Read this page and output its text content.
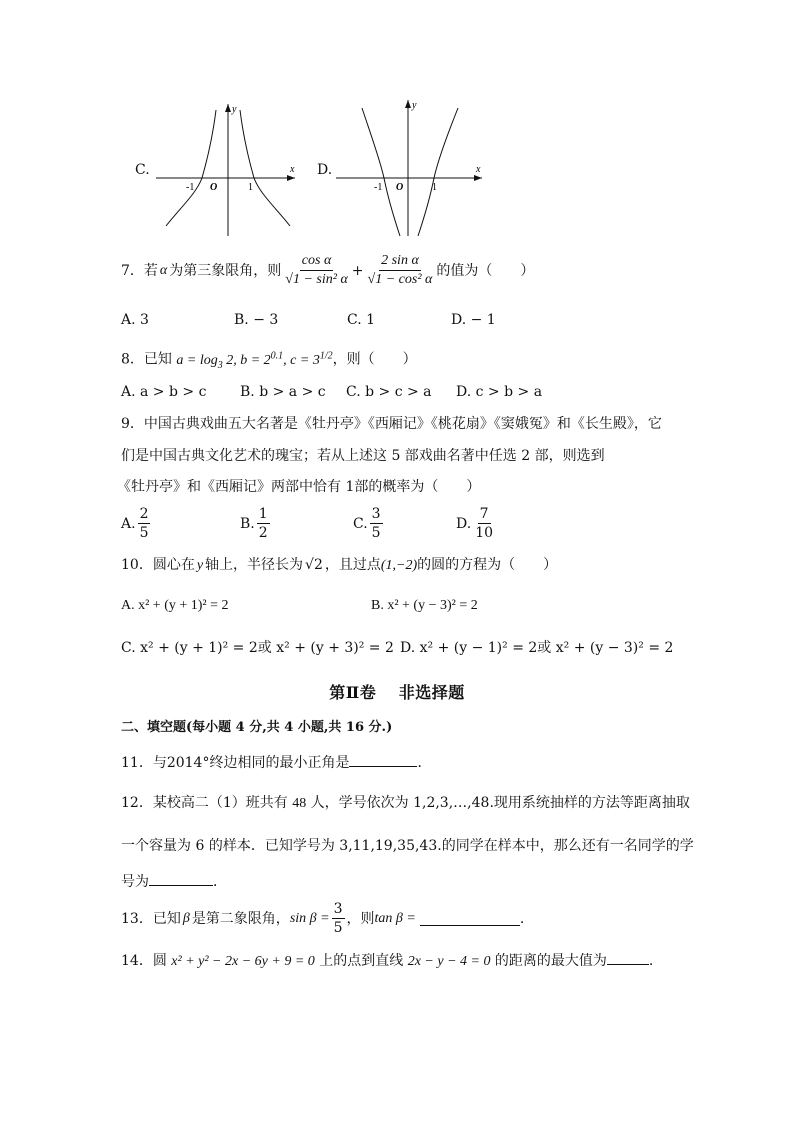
C.	x
y
O
-1	1
D.	x
y
O
-1	1
7． 若 α 为第三象限角，则 $\frac{\text{cos α}}{\text{√1 − sin² α}} + \frac{\text{2 sin α}}{\text{√1 − cos² α}}$ 的值为（　　）
A. 3	B. − 3	C. 1	D. − 1
8．已知 $a = \log_3 2$, $b = 2^{0.1}$, $c = 3^{1/2}$，则（　　）
A. a > b > c B. b > a > c C. b > c > a D. c > b > a
9．中国古典戏曲五大名著是《牡丹亭》《西厢记》《桃花扇》《窦娥冤》和《长生殿》，它
们是中国古典文化艺术的瑰宝；若从上述这 5 部戏曲名著中任选 2 部，则选到
《牡丹亭》和《西厢记》两部中恰有 1部的概率为（　　）
A. $\frac{2}{5}$	B. $\frac{1}{2}$	C. $\frac{3}{5}$	D. $\frac{7}{10}$
10．圆心在 y 轴上，半径长为 √2 ，且过点(1,−2)的圆的方程为（　　）
A. x² + (y + 1)² = 2	B. x² + (y − 3)² = 2
C. x² + (y + 1)² = 2或 x² + (y + 3)² = 2 D. x² + (y − 1)² = 2或 x² + (y − 3)² = 2
第Ⅱ卷　 非选择题
二、填空题(每小题 4 分,共 4 小题,共 16 分.)
11．与2014°终边相同的最小正角是	．
12．某校高二（1）班共有 48 人，学号依次为 1,2,3,…,48.现用系统抽样的方法等距离抽取
一个容量为 6 的样本．已知学号为 3,11,19,35,43.的同学在样本中，那么还有一名同学的学
号为	．
13． 已知 β 是第二象限角， $\sin \beta = \frac{3}{5}$ ，则 tan β =	.
14．圆 x² + y² − 2x − 6y + 9 = 0 上的点到直线 2x − y − 4 = 0 的距离的最大值为	.
